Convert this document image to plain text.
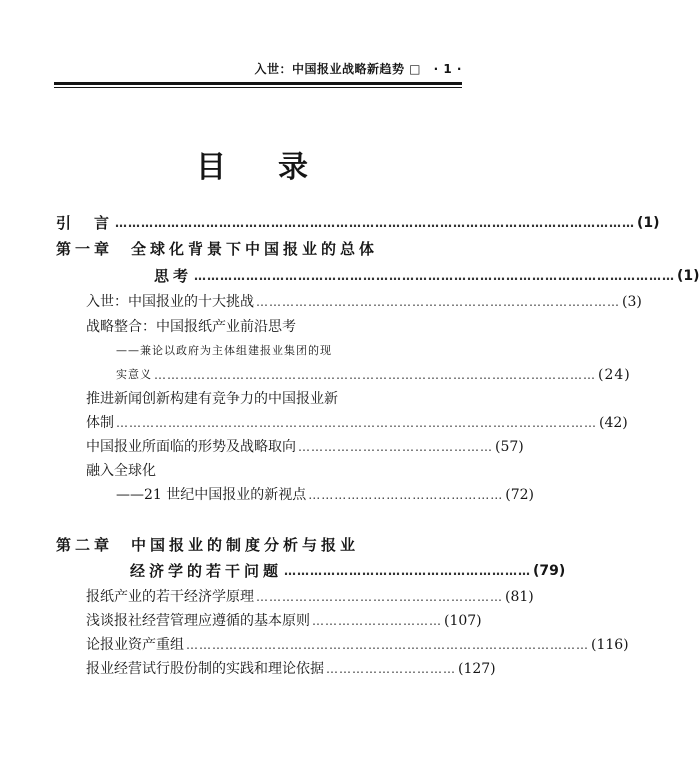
入世：中国报业战略新趋势 □ · 1 ·
目录
引　言 ………………………………………………………………………………………………………… (1)
第一章 全球化背景下中国报业的总体
思考 ………………………………………………………………………………………………… (1)
入世：中国报业的十大挑战 ………………………………………………………………………… (3)
战略整合：中国报纸产业前沿思考
——兼论以政府为主体组建报业集团的现
实意义 ………………………………………………………………………………………… (24)
推进新闻创新构建有竞争力的中国报业新
体制 ………………………………………………………………………………………………… (42)
中国报业所面临的形势及战略取向 ……………………………………… (57)
融入全球化
——21 世纪中国报业的新视点 ……………………………………… (72)
第二章 中国报业的制度分析与报业
经济学的若干问题 ………………………………………………… (79)
报纸产业的若干经济学原理 ………………………………………………… (81)
浅谈报社经营管理应遵循的基本原则 ………………………… (107)
论报业资产重组 ………………………………………………………………………………… (116)
报业经营试行股份制的实践和理论依据 ………………………… (127)
